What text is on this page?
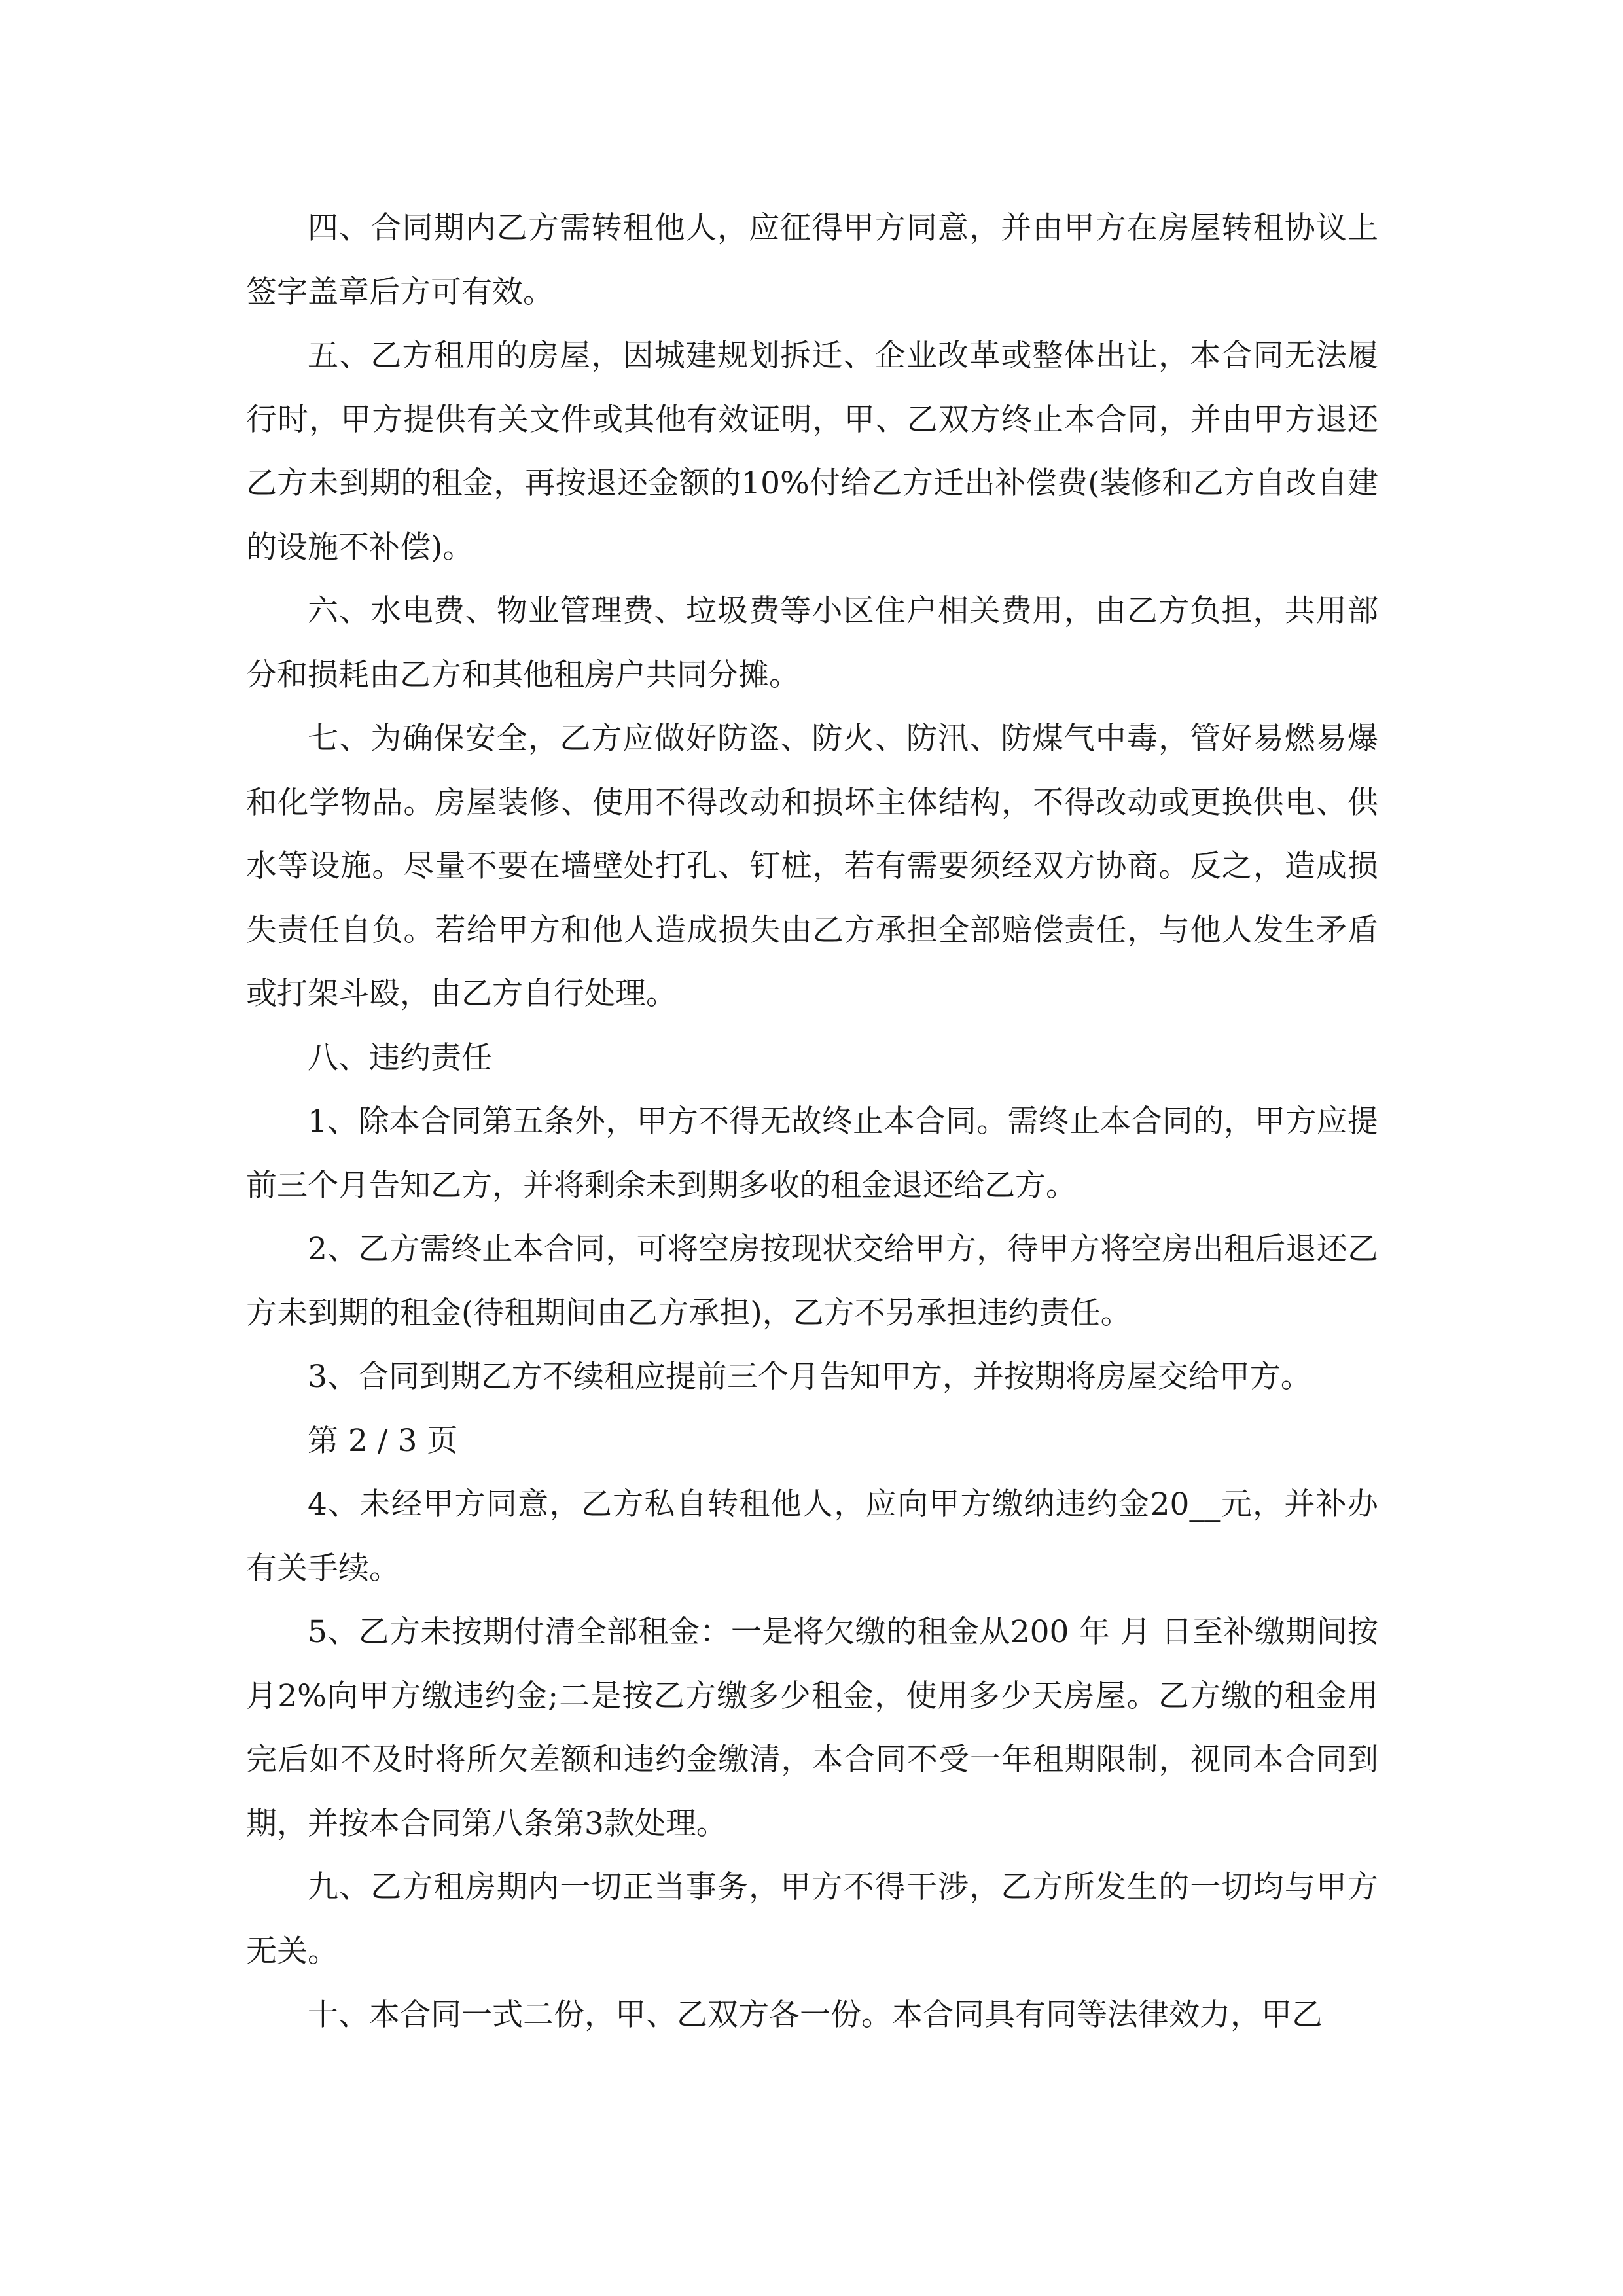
四、合同期内乙方需转租他人，应征得甲方同意，并由甲方在房屋转租协议上签字盖章后方可有效。

五、乙方租用的房屋，因城建规划拆迁、企业改革或整体出让，本合同无法履行时，甲方提供有关文件或其他有效证明，甲、乙双方终止本合同，并由甲方退还乙方未到期的租金，再按退还金额的10%付给乙方迁出补偿费(装修和乙方自改自建的设施不补偿)。

六、水电费、物业管理费、垃圾费等小区住户相关费用，由乙方负担，共用部分和损耗由乙方和其他租房户共同分摊。

七、为确保安全，乙方应做好防盗、防火、防汛、防煤气中毒，管好易燃易爆和化学物品。房屋装修、使用不得改动和损坏主体结构，不得改动或更换供电、供水等设施。尽量不要在墙壁处打孔、钉桩，若有需要须经双方协商。反之，造成损失责任自负。若给甲方和他人造成损失由乙方承担全部赔偿责任，与他人发生矛盾或打架斗殴，由乙方自行处理。

八、违约责任

1、除本合同第五条外，甲方不得无故终止本合同。需终止本合同的，甲方应提前三个月告知乙方，并将剩余未到期多收的租金退还给乙方。

2、乙方需终止本合同，可将空房按现状交给甲方，待甲方将空房出租后退还乙方未到期的租金(待租期间由乙方承担)，乙方不另承担违约责任。

3、合同到期乙方不续租应提前三个月告知甲方，并按期将房屋交给甲方。

第 2 / 3 页

4、未经甲方同意，乙方私自转租他人，应向甲方缴纳违约金20__元，并补办有关手续。

5、乙方未按期付清全部租金：一是将欠缴的租金从200 年 月 日至补缴期间按月2%向甲方缴违约金;二是按乙方缴多少租金，使用多少天房屋。乙方缴的租金用完后如不及时将所欠差额和违约金缴清，本合同不受一年租期限制，视同本合同到期，并按本合同第八条第3款处理。

九、乙方租房期内一切正当事务，甲方不得干涉，乙方所发生的一切均与甲方无关。

十、本合同一式二份，甲、乙双方各一份。本合同具有同等法律效力，甲乙
